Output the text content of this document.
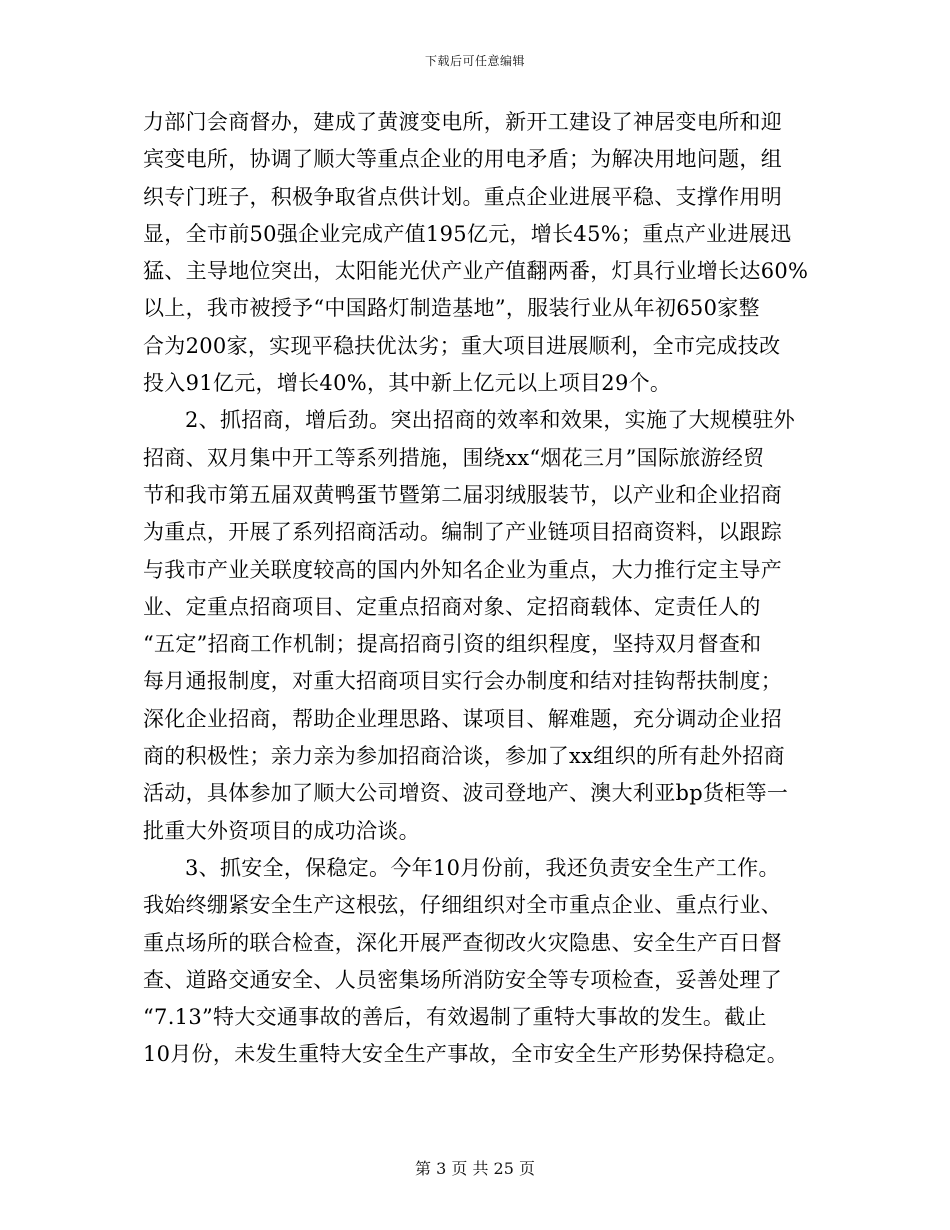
下载后可任意编辑
力部门会商督办，建成了黄渡变电所，新开工建设了神居变电所和迎
宾变电所，协调了顺大等重点企业的用电矛盾；为解决用地问题，组
织专门班子，积极争取省点供计划。重点企业进展平稳、支撑作用明
显，全市前50强企业完成产值195亿元，增长45%；重点产业进展迅
猛、主导地位突出，太阳能光伏产业产值翻两番，灯具行业增长达60%
以上，我市被授予“中国路灯制造基地”，服装行业从年初650家整
合为200家，实现平稳扶优汰劣；重大项目进展顺利，全市完成技改
投入91亿元，增长40%，其中新上亿元以上项目29个。
2、抓招商，增后劲。突出招商的效率和效果，实施了大规模驻外
招商、双月集中开工等系列措施，围绕xx“烟花三月”国际旅游经贸
节和我市第五届双黄鸭蛋节暨第二届羽绒服装节，以产业和企业招商
为重点，开展了系列招商活动。编制了产业链项目招商资料，以跟踪
与我市产业关联度较高的国内外知名企业为重点，大力推行定主导产
业、定重点招商项目、定重点招商对象、定招商载体、定责任人的
“五定”招商工作机制；提高招商引资的组织程度，坚持双月督查和
每月通报制度，对重大招商项目实行会办制度和结对挂钩帮扶制度；
深化企业招商，帮助企业理思路、谋项目、解难题，充分调动企业招
商的积极性；亲力亲为参加招商洽谈，参加了xx组织的所有赴外招商
活动，具体参加了顺大公司增资、波司登地产、澳大利亚bp货柜等一
批重大外资项目的成功洽谈。
3、抓安全，保稳定。今年10月份前，我还负责安全生产工作。
我始终绷紧安全生产这根弦，仔细组织对全市重点企业、重点行业、
重点场所的联合检查，深化开展严查彻改火灾隐患、安全生产百日督
查、道路交通安全、人员密集场所消防安全等专项检查，妥善处理了
“7.13”特大交通事故的善后，有效遏制了重特大事故的发生。截止
10月份，未发生重特大安全生产事故，全市安全生产形势保持稳定。
第 3 页 共 25 页
